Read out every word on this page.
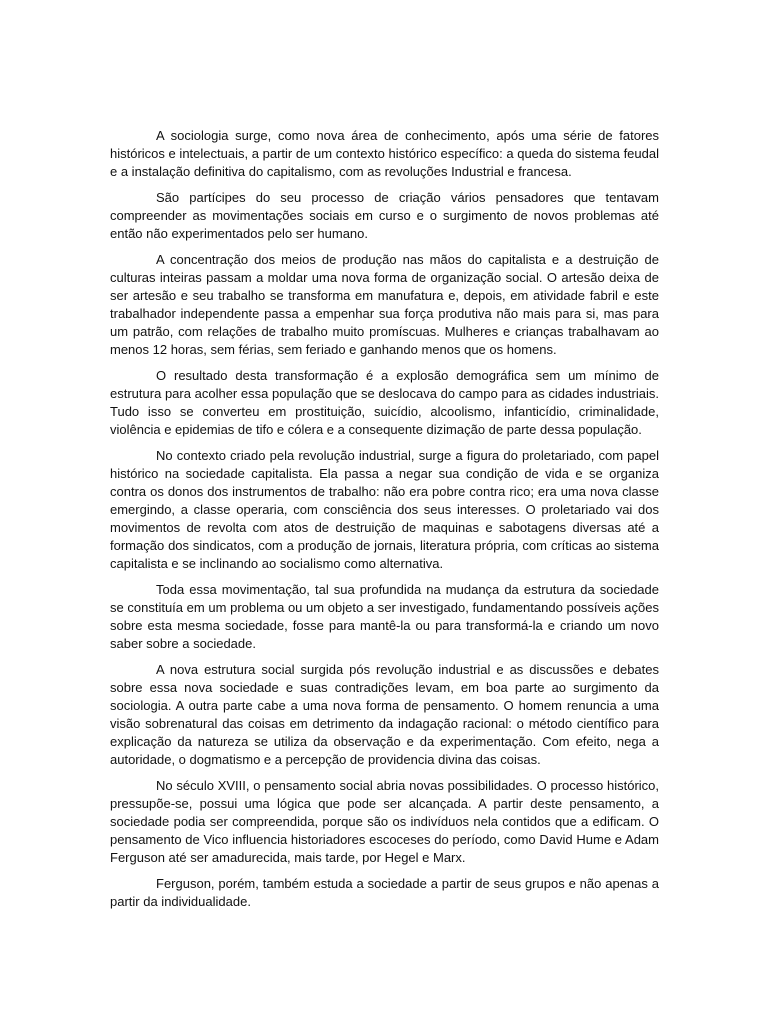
A sociologia surge, como nova área de conhecimento, após uma série de fatores históricos e intelectuais, a partir de um contexto histórico específico: a queda do sistema feudal e a instalação definitiva do capitalismo, com as revoluções Industrial e francesa.

São partícipes do seu processo de criação vários pensadores que tentavam compreender as movimentações sociais em curso e o surgimento de novos problemas até então não experimentados pelo ser humano.

A concentração dos meios de produção nas mãos do capitalista e a destruição de culturas inteiras passam a moldar uma nova forma de organização social. O artesão deixa de ser artesão e seu trabalho se transforma em manufatura e, depois, em atividade fabril e este trabalhador independente passa a empenhar sua força produtiva não mais para si, mas para um patrão, com relações de trabalho muito promíscuas. Mulheres e crianças trabalhavam ao menos 12 horas, sem férias, sem feriado e ganhando menos que os homens.

O resultado desta transformação é a explosão demográfica sem um mínimo de estrutura para acolher essa população que se deslocava do campo para as cidades industriais. Tudo isso se converteu em prostituição, suicídio, alcoolismo, infanticídio, criminalidade, violência e epidemias de tifo e cólera e a consequente dizimação de parte dessa população.

No contexto criado pela revolução industrial, surge a figura do proletariado, com papel histórico na sociedade capitalista. Ela passa a negar sua condição de vida e se organiza contra os donos dos instrumentos de trabalho: não era pobre contra rico; era uma nova classe emergindo, a classe operaria, com consciência dos seus interesses. O proletariado vai dos movimentos de revolta com atos de destruição de maquinas e sabotagens diversas até a formação dos sindicatos, com a produção de jornais, literatura própria, com críticas ao sistema capitalista e se inclinando ao socialismo como alternativa.

Toda essa movimentação, tal sua profundida na mudança da estrutura da sociedade se constituía em um problema ou um objeto a ser investigado, fundamentando possíveis ações sobre esta mesma sociedade, fosse para mantê-la ou para transformá-la e criando um novo saber sobre a sociedade.

A nova estrutura social surgida pós revolução industrial e as discussões e debates sobre essa nova sociedade e suas contradições levam, em boa parte ao surgimento da sociologia. A outra parte cabe a uma nova forma de pensamento. O homem renuncia a uma visão sobrenatural das coisas em detrimento da indagação racional: o método científico para explicação da natureza se utiliza da observação e da experimentação. Com efeito, nega a autoridade, o dogmatismo e a percepção de providencia divina das coisas.

No século XVIII, o pensamento social abria novas possibilidades. O processo histórico, pressupõe-se, possui uma lógica que pode ser alcançada. A partir deste pensamento, a sociedade podia ser compreendida, porque são os indivíduos nela contidos que a edificam. O pensamento de Vico influencia historiadores escoceses do período, como David Hume e Adam Ferguson até ser amadurecida, mais tarde, por Hegel e Marx.

Ferguson, porém, também estuda a sociedade a partir de seus grupos e não apenas a partir da individualidade.
